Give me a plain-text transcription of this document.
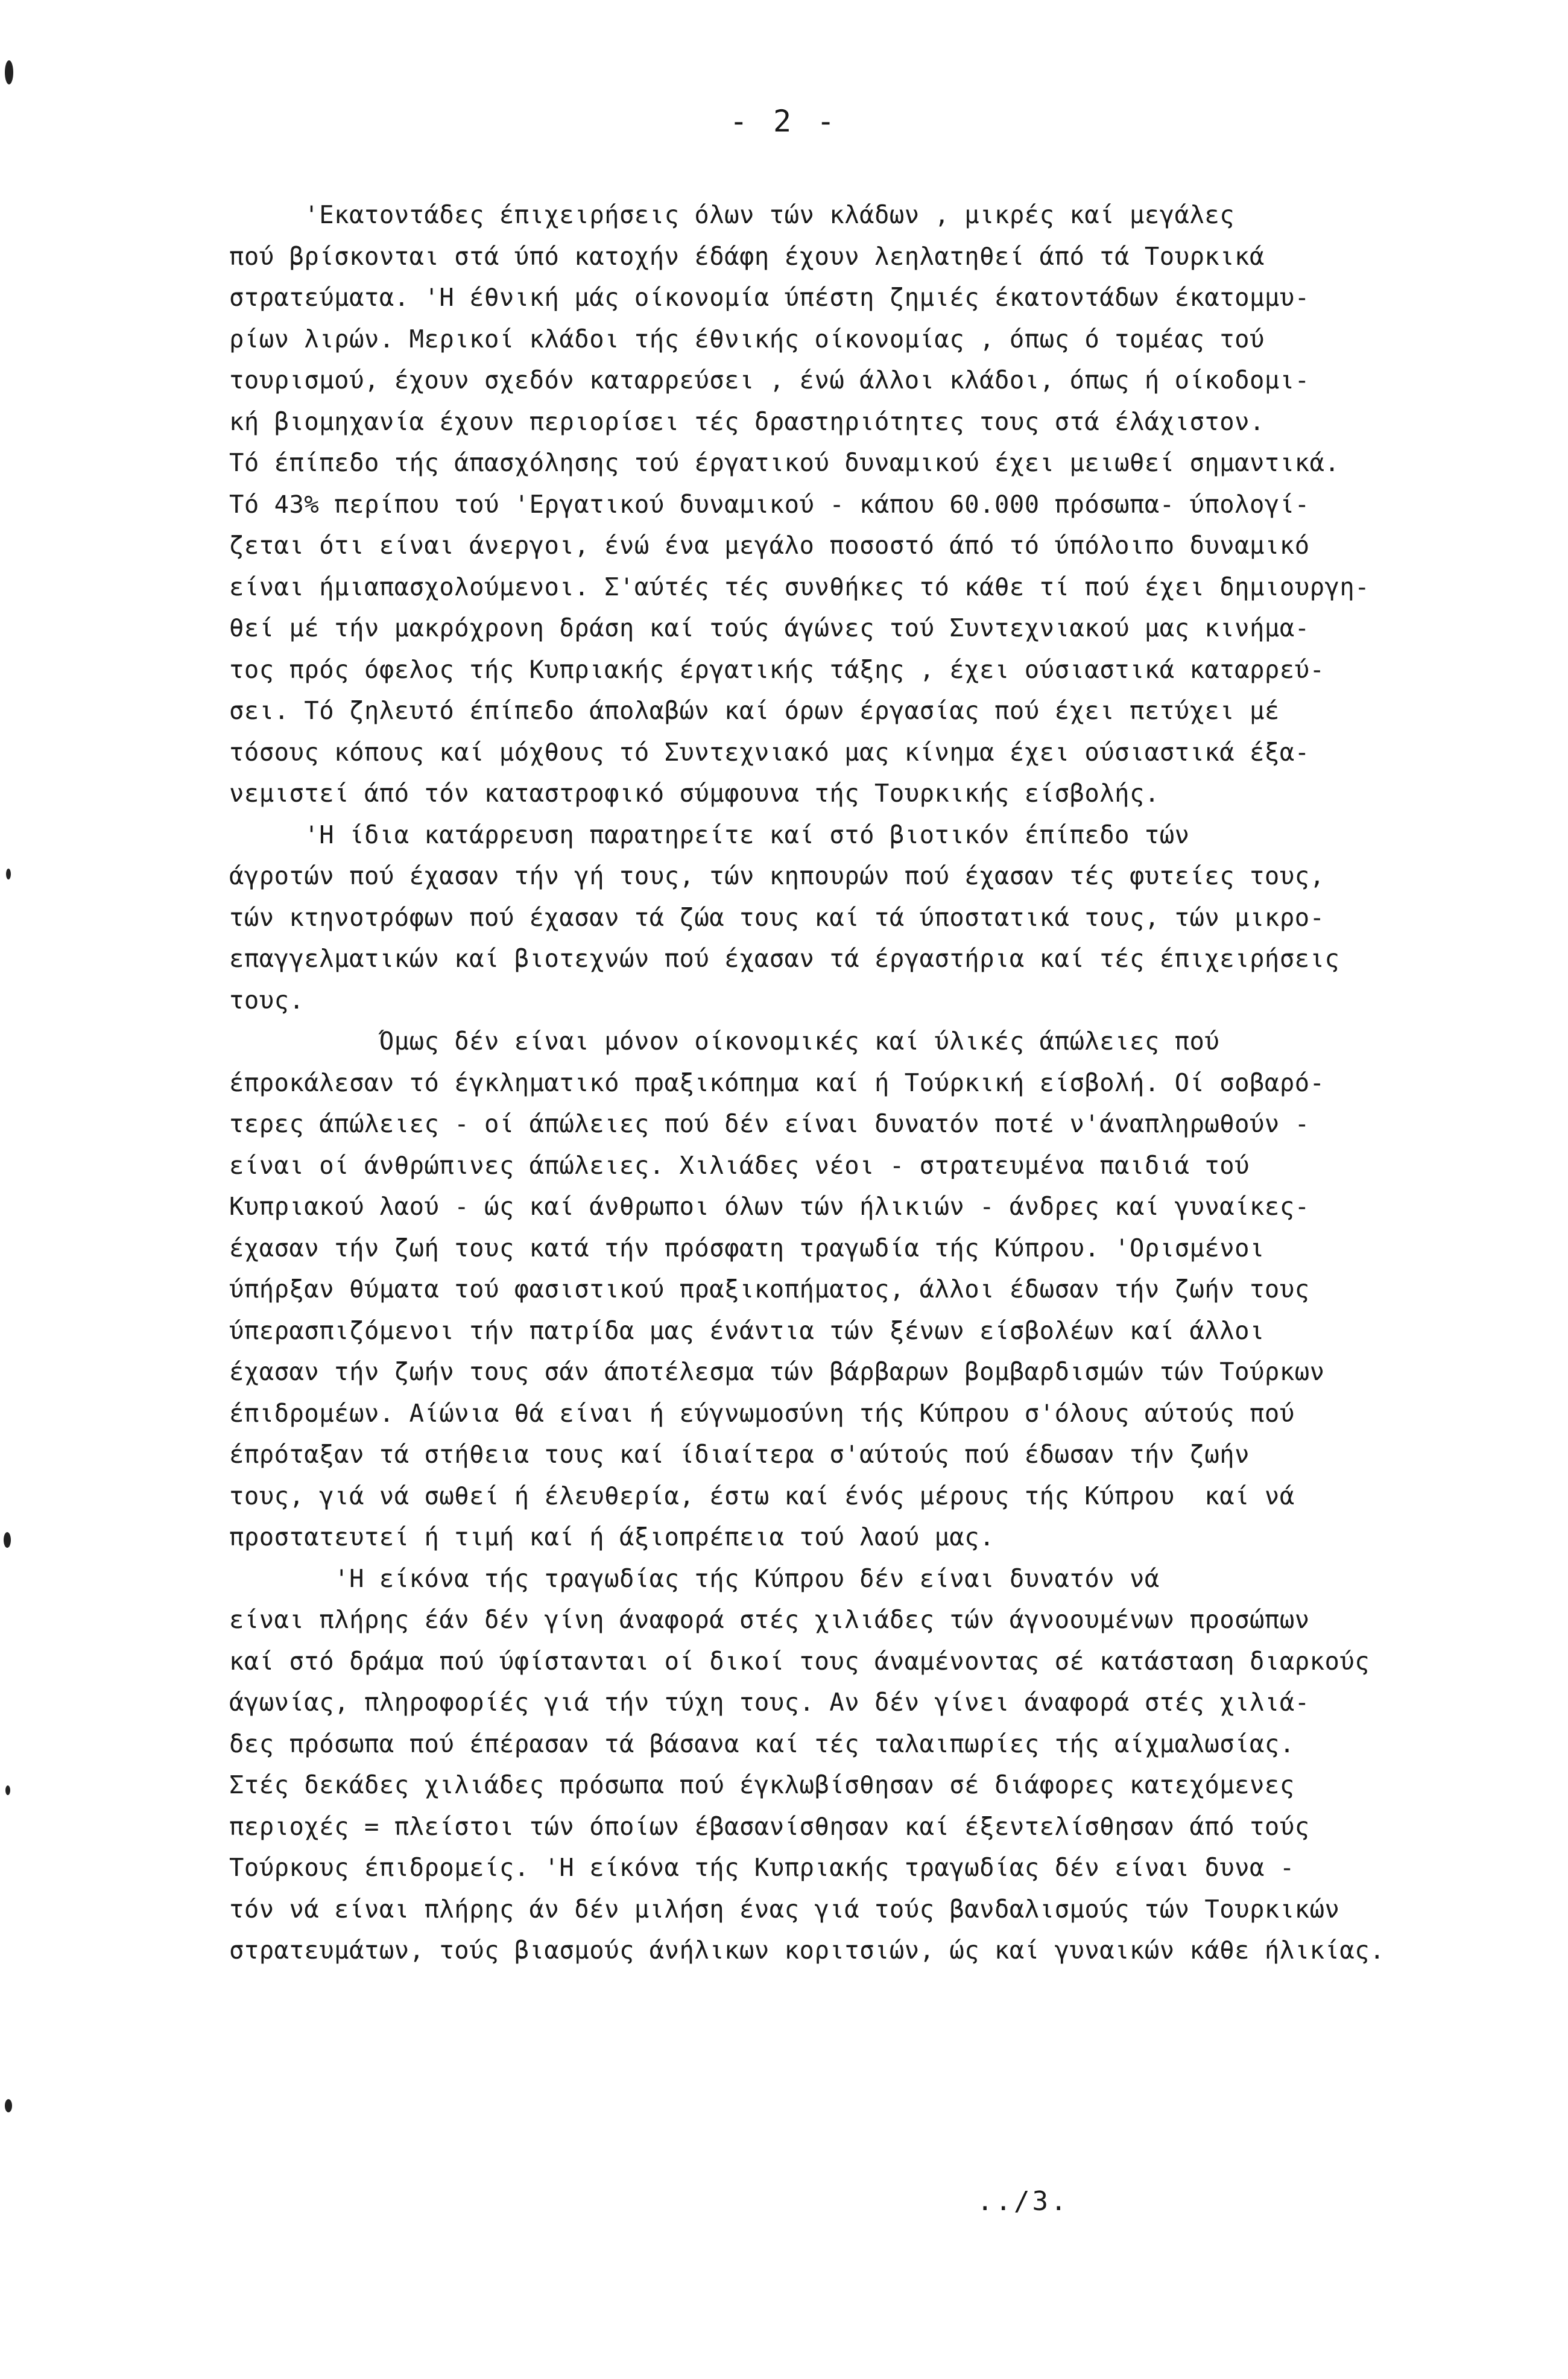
- 2 -
'Εκατοντάδες έπιχειρήσεις όλων τών κλάδων , μικρές καί μεγάλες
πού βρίσκονται στά ύπό κατοχήν έδάφη έχουν λεηλατηθεί άπό τά Τουρκικά
στρατεύματα. 'Η έθνική μάς οίκονομία ύπέστη ζημιές έκατοντάδων έκατομμυ-
ρίων λιρών. Μερικοί κλάδοι τής έθνικής οίκονομίας , όπως ό τομέας τού
τουρισμού, έχουν σχεδόν καταρρεύσει , ένώ άλλοι κλάδοι, όπως ή οίκοδομι-
κή βιομηχανία έχουν περιορίσει τές δραστηριότητες τους στά έλάχιστον.
Τό έπίπεδο τής άπασχόλησης τού έργατικού δυναμικού έχει μειωθεί σημαντικά.
Τό 43% περίπου τού 'Εργατικού δυναμικού - κάπου 60.000 πρόσωπα- ύπολογί-
ζεται ότι είναι άνεργοι, ένώ ένα μεγάλο ποσοστό άπό τό ύπόλοιπο δυναμικό
είναι ήμιαπασχολούμενοι. Σ'αύτές τές συνθήκες τό κάθε τί πού έχει δημιουργη-
θεί μέ τήν μακρόχρονη δράση καί τούς άγώνες τού Συντεχνιακού μας κινήμα-
τος πρός όφελος τής Κυπριακής έργατικής τάξης , έχει ούσιαστικά καταρρεύ-
σει. Τό ζηλευτό έπίπεδο άπολαβών καί όρων έργασίας πού έχει πετύχει μέ
τόσους κόπους καί μόχθους τό Συντεχνιακό μας κίνημα έχει ούσιαστικά έξα-
νεμιστεί άπό τόν καταστροφικό σύμφουνα τής Τουρκικής είσβολής.
'Η ίδια κατάρρευση παρατηρείτε καί στό βιοτικόν έπίπεδο τών
άγροτών πού έχασαν τήν γή τους, τών κηπουρών πού έχασαν τές φυτείες τους,
τών κτηνοτρόφων πού έχασαν τά ζώα τους καί τά ύποστατικά τους, τών μικρο-
επαγγελματικών καί βιοτεχνών πού έχασαν τά έργαστήρια καί τές έπιχειρήσεις
τους.
Όμως δέν είναι μόνον οίκονομικές καί ύλικές άπώλειες πού
έπροκάλεσαν τό έγκληματικό πραξικόπημα καί ή Τούρκική είσβολή. Οί σοβαρό-
τερες άπώλειες - οί άπώλειες πού δέν είναι δυνατόν ποτέ ν'άναπληρωθούν -
είναι οί άνθρώπινες άπώλειες. Χιλιάδες νέοι - στρατευμένα παιδιά τού
Κυπριακού λαού - ώς καί άνθρωποι όλων τών ήλικιών - άνδρες καί γυναίκες-
έχασαν τήν ζωή τους κατά τήν πρόσφατη τραγωδία τής Κύπρου. 'Ορισμένοι
ύπήρξαν θύματα τού φασιστικού πραξικοπήματος, άλλοι έδωσαν τήν ζωήν τους
ύπερασπιζόμενοι τήν πατρίδα μας ένάντια τών ξένων είσβολέων καί άλλοι
έχασαν τήν ζωήν τους σάν άποτέλεσμα τών βάρβαρων βομβαρδισμών τών Τούρκων
έπιδρομέων. Αίώνια θά είναι ή εύγνωμοσύνη τής Κύπρου σ'όλους αύτούς πού
έπρόταξαν τά στήθεια τους καί ίδιαίτερα σ'αύτούς πού έδωσαν τήν ζωήν
τους, γιά νά σωθεί ή έλευθερία, έστω καί ένός μέρους τής Κύπρου  καί νά
προστατευτεί ή τιμή καί ή άξιοπρέπεια τού λαού μας.
'Η είκόνα τής τραγωδίας τής Κύπρου δέν είναι δυνατόν νά
είναι πλήρης έάν δέν γίνη άναφορά στές χιλιάδες τών άγνοουμένων προσώπων
καί στό δράμα πού ύφίστανται οί δικοί τους άναμένοντας σέ κατάσταση διαρκούς
άγωνίας, πληροφορίές γιά τήν τύχη τους. Αν δέν γίνει άναφορά στές χιλιά-
δες πρόσωπα πού έπέρασαν τά βάσανα καί τές ταλαιπωρίες τής αίχμαλωσίας.
Στές δεκάδες χιλιάδες πρόσωπα πού έγκλωβίσθησαν σέ διάφορες κατεχόμενες
περιοχές = πλείστοι τών όποίων έβασανίσθησαν καί έξεντελίσθησαν άπό τούς
Τούρκους έπιδρομείς. 'Η είκόνα τής Κυπριακής τραγωδίας δέν είναι δυνα -
τόν νά είναι πλήρης άν δέν μιλήση ένας γιά τούς βανδαλισμούς τών Τουρκικών
στρατευμάτων, τούς βιασμούς άνήλικων κοριτσιών, ώς καί γυναικών κάθε ήλικίας.
../3.
